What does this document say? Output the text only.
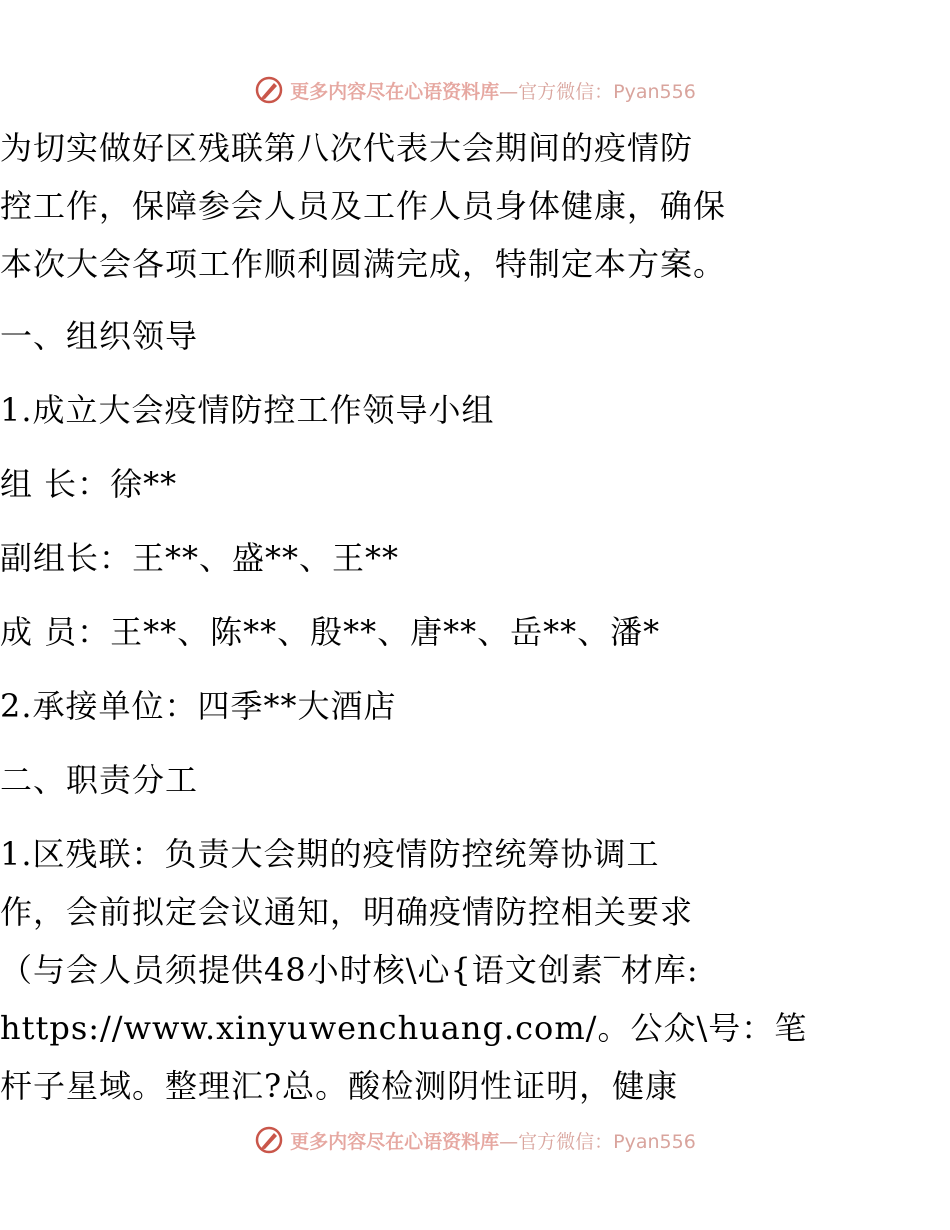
更多内容尽在心语资料库—官方微信：Pyan556
为切实做好区残联第八次代表大会期间的疫情防
控工作，保障参会人员及工作人员身体健康，确保
本次大会各项工作顺利圆满完成，特制定本方案。
一、组织领导
1.成立大会疫情防控工作领导小组
组 长：徐**
副组长：王**、盛**、王**
成 员：王**、陈**、殷**、唐**、岳**、潘*
2.承接单位：四季**大酒店
二、职责分工
1.区残联：负责大会期的疫情防控统筹协调工
作，会前拟定会议通知，明确疫情防控相关要求
（与会人员须提供48小时核\心{语文创素‾材库:
https://www.xinyuwenchuang.com/。公众\号：笔
杆子星域。整理汇?总。酸检测阴性证明，健康
更多内容尽在心语资料库—官方微信：Pyan556
